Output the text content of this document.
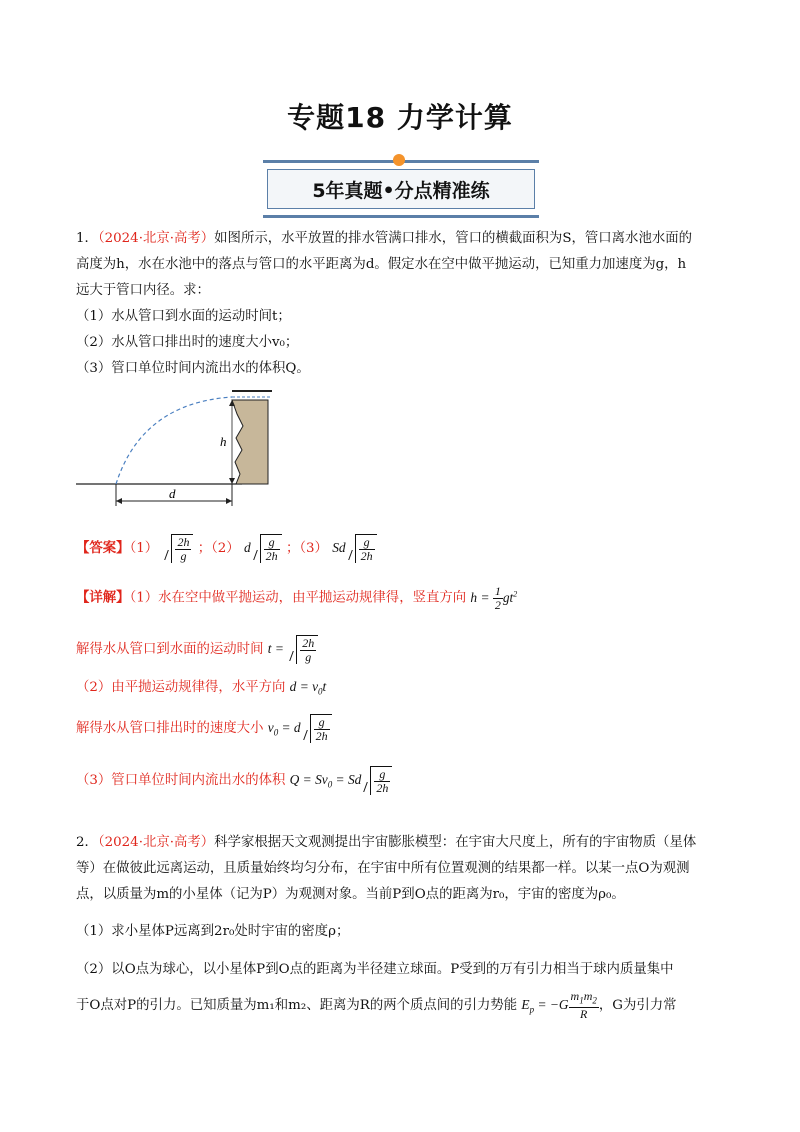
专题18 力学计算
5年真题•分点精准练
1．（2024·北京·高考）如图所示，水平放置的排水管满口排水，管口的横截面积为S，管口离水池水面的
高度为h，水在水池中的落点与管口的水平距离为d。假定水在空中做平抛运动，已知重力加速度为g，h
远大于管口内径。求：
（1）水从管口到水面的运动时间t；
（2）水从管口排出时的速度大小v₀；
（3）管口单位时间内流出水的体积Q。
h
d
【答案】$(1) \frac{2h}{g}$ ；（2） d $\frac{g}{2h}$ ；（3） Sd $\frac{g}{2h}$
【详解】（1）水在空中做平抛运动，由平抛运动规律得，竖直方向 $h = \frac{1}{2} gt^2$
解得水从管口到水面的运动时间 $t = \frac{2h}{g}$
（2）由平抛运动规律得，水平方向 $d = v_0t$
解得水从管口排出时的速度大小 $v_0 = d \frac{g}{2h}$
（3）管口单位时间内流出水的体积 $Q = Sv_0 = Sd \frac{g}{2h}$
2．（2024·北京·高考）科学家根据天文观测提出宇宙膨胀模型：在宇宙大尺度上，所有的宇宙物质（星体
等）在做彼此远离运动，且质量始终均匀分布，在宇宙中所有位置观测的结果都一样。以某一点O为观测
点，以质量为m的小星体（记为P）为观测对象。当前P到O点的距离为r₀，宇宙的密度为ρ₀。
（1）求小星体P远离到2r₀处时宇宙的密度ρ；
（2）以O点为球心，以小星体P到O点的距离为半径建立球面。P受到的万有引力相当于球内质量集中
于O点对P的引力。已知质量为m₁和m₂、距离为R的两个质点间的引力势能 $E_p = -G \frac{m_1m_2}{R}$ ，G为引力常
